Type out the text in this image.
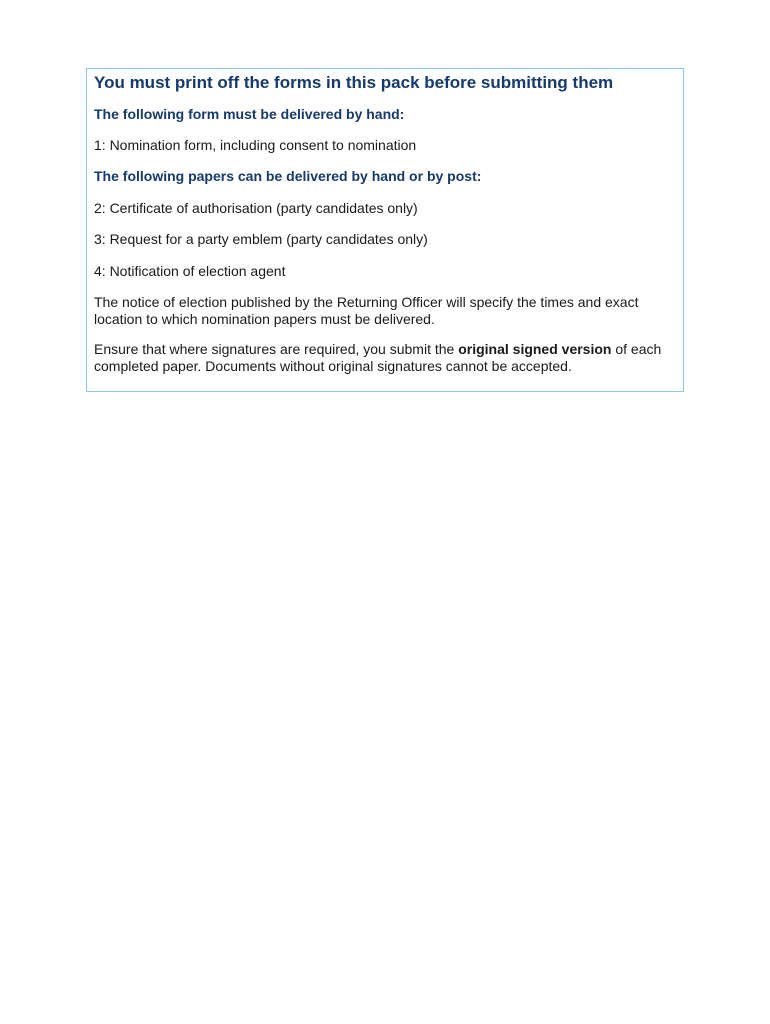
You must print off the forms in this pack before submitting them

The following form must be delivered by hand:

1: Nomination form, including consent to nomination

The following papers can be delivered by hand or by post:

2: Certificate of authorisation (party candidates only)

3: Request for a party emblem (party candidates only)

4: Notification of election agent

The notice of election published by the Returning Officer will specify the times and exact location to which nomination papers must be delivered.

Ensure that where signatures are required, you submit the original signed version of each completed paper. Documents without original signatures cannot be accepted.
